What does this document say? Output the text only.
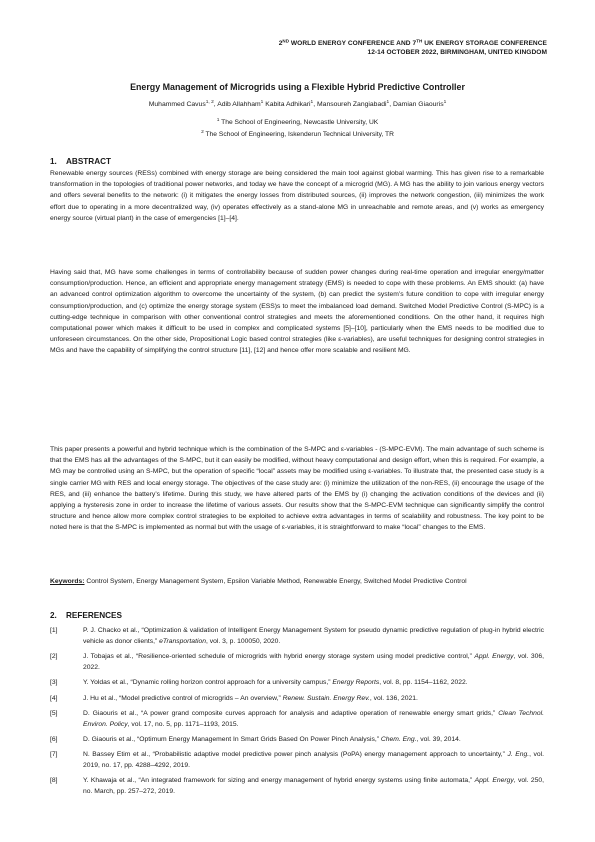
2ND WORLD ENERGY CONFERENCE AND 7TH UK ENERGY STORAGE CONFERENCE
12-14 OCTOBER 2022, BIRMINGHAM, UNITED KINGDOM
Energy Management of Microgrids using a Flexible Hybrid Predictive Controller
Muhammed Cavus$^{1, 2}$, Adib Allahham$^1$ Kabita Adhikari$^1$, Mansoureh Zangiabadi$^1$, Damian Giaouris$^1$
$^1$ The School of Engineering, Newcastle University, UK
$^2$ The School of Engineering, Iskenderun Technical University, TR
1. ABSTRACT
Renewable energy sources (RESs) combined with energy storage are being considered the main tool against global warming. This has given rise to a remarkable transformation in the topologies of traditional power networks, and today we have the concept of a microgrid (MG). A MG has the ability to join various energy vectors and offers several benefits to the network: (i) it mitigates the energy losses from distributed sources, (ii) improves the network congestion, (iii) minimizes the work effort due to operating in a more decentralized way, (iv) operates effectively as a stand-alone MG in unreachable and remote areas, and (v) works as emergency energy source (virtual plant) in the case of emergencies [1]–[4].
Having said that, MG have some challenges in terms of controllability because of sudden power changes during real-time operation and irregular energy/matter consumption/production. Hence, an efficient and appropriate energy management strategy (EMS) is needed to cope with these problems. An EMS should: (a) have an advanced control optimization algorithm to overcome the uncertainty of the system, (b) can predict the system’s future condition to cope with irregular energy consumption/production, and (c) optimize the energy storage system (ESS)s to meet the imbalanced load demand. Switched Model Predictive Control (S-MPC) is a cutting-edge technique in comparison with other conventional control strategies and meets the aforementioned conditions. On the other hand, it requires high computational power which makes it difficult to be used in complex and complicated systems [5]–[10], particularly when the EMS needs to be modified due to unforeseen circumstances. On the other side, Propositional Logic based control strategies (like ε-variables), are useful techniques for designing control strategies in MGs and have the capability of simplifying the control structure [11], [12] and hence offer more scalable and resilient MG.
This paper presents a powerful and hybrid technique which is the combination of the S-MPC and ε-variables - (S-MPC-EVM). The main advantage of such scheme is that the EMS has all the advantages of the S-MPC, but it can easily be modified, without heavy computational and design effort, when this is required. For example, a MG may be controlled using an S-MPC, but the operation of specific “local” assets may be modified using ε-variables. To illustrate that, the presented case study is a single carrier MG with RES and local energy storage. The objectives of the case study are: (i) minimize the utilization of the non-RES, (ii) encourage the usage of the RES, and (iii) enhance the battery’s lifetime. During this study, we have altered parts of the EMS by (i) changing the activation conditions of the devices and (ii) applying a hysteresis zone in order to increase the lifetime of various assets. Our results show that the S-MPC-EVM technique can significantly simplify the control structure and hence allow more complex control strategies to be exploited to achieve extra advantages in terms of scalability and robustness. The key point to be noted here is that the S-MPC is implemented as normal but with the usage of ε-variables, it is straightforward to make “local” changes to the EMS.
Keywords: Control System, Energy Management System, Epsilon Variable Method, Renewable Energy, Switched Model Predictive Control
2. REFERENCES
[1]	P. J. Chacko et al., “Optimization & validation of Intelligent Energy Management System for pseudo dynamic predictive regulation of plug-in hybrid electric vehicle as donor clients,” eTransportation, vol. 3, p. 100050, 2020.
[2]	J. Tobajas et al., “Resilience-oriented schedule of microgrids with hybrid energy storage system using model predictive control,” Appl. Energy, vol. 306, 2022.
[3]	Y. Yoldas et al., “Dynamic rolling horizon control approach for a university campus,” Energy Reports, vol. 8, pp. 1154–1162, 2022.
[4]	J. Hu et al., “Model predictive control of microgrids – An overview,” Renew. Sustain. Energy Rev., vol. 136, 2021.
[5]	D. Giaouris et al., “A power grand composite curves approach for analysis and adaptive operation of renewable energy smart grids,” Clean Technol. Environ. Policy, vol. 17, no. 5, pp. 1171–1193, 2015.
[6]	D. Giaouris et al., “Optimum Energy Management In Smart Grids Based On Power Pinch Analysis,” Chem. Eng., vol. 39, 2014.
[7]	N. Bassey Etim et al., “Probabilistic adaptive model predictive power pinch analysis (PoPA) energy management approach to uncertainty,” J. Eng., vol. 2019, no. 17, pp. 4288–4292, 2019.
[8]	Y. Khawaja et al., “An integrated framework for sizing and energy management of hybrid energy systems using finite automata,” Appl. Energy, vol. 250, no. March, pp. 257–272, 2019.
